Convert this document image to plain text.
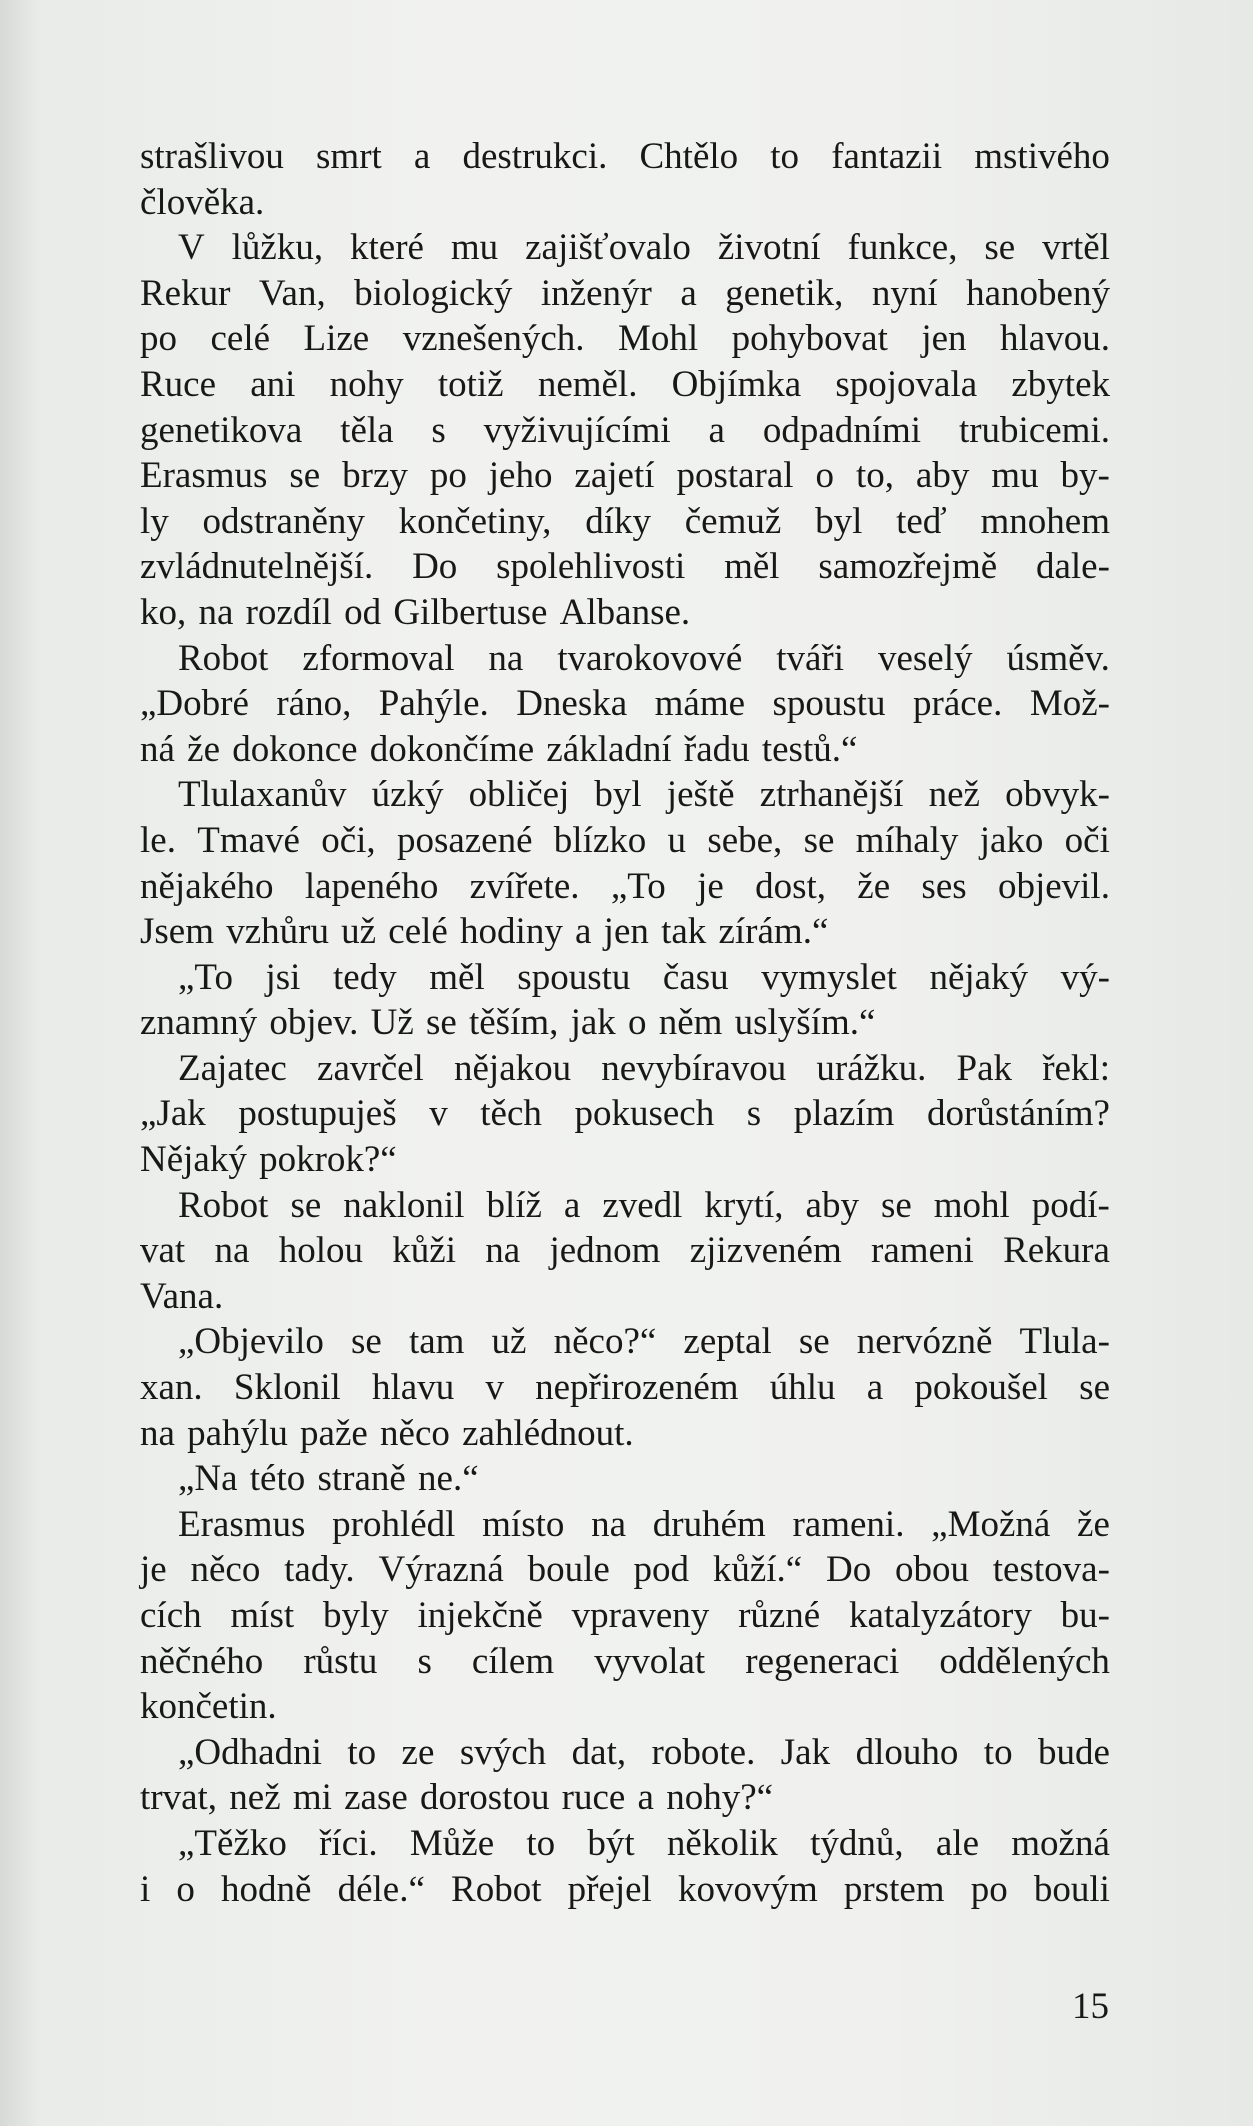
strašlivou smrt a destrukci. Chtělo to fantazii mstivého
člověka.
V lůžku, které mu zajišťovalo životní funkce, se vrtěl
Rekur Van, biologický inženýr a genetik, nyní hanobený
po celé Lize vznešených. Mohl pohybovat jen hlavou.
Ruce ani nohy totiž neměl. Objímka spojovala zbytek
genetikova těla s vyživujícími a odpadními trubicemi.
Erasmus se brzy po jeho zajetí postaral o to, aby mu by-
ly odstraněny končetiny, díky čemuž byl teď mnohem
zvládnutelnější. Do spolehlivosti měl samozřejmě dale-
ko, na rozdíl od Gilbertuse Albanse.
Robot zformoval na tvarokovové tváři veselý úsměv.
„Dobré ráno, Pahýle. Dneska máme spoustu práce. Mož-
ná že dokonce dokončíme základní řadu testů.“
Tlulaxanův úzký obličej byl ještě ztrhanější než obvyk-
le. Tmavé oči, posazené blízko u sebe, se míhaly jako oči
nějakého lapeného zvířete. „To je dost, že ses objevil.
Jsem vzhůru už celé hodiny a jen tak zírám.“
„To jsi tedy měl spoustu času vymyslet nějaký vý-
znamný objev. Už se těším, jak o něm uslyším.“
Zajatec zavrčel nějakou nevybíravou urážku. Pak řekl:
„Jak postupuješ v těch pokusech s plazím dorůstáním?
Nějaký pokrok?“
Robot se naklonil blíž a zvedl krytí, aby se mohl podí-
vat na holou kůži na jednom zjizveném rameni Rekura
Vana.
„Objevilo se tam už něco?“ zeptal se nervózně Tlula-
xan. Sklonil hlavu v nepřirozeném úhlu a pokoušel se
na pahýlu paže něco zahlédnout.
„Na této straně ne.“
Erasmus prohlédl místo na druhém rameni. „Možná že
je něco tady. Výrazná boule pod kůží.“ Do obou testova-
cích míst byly injekčně vpraveny různé katalyzátory bu-
něčného růstu s cílem vyvolat regeneraci oddělených
končetin.
„Odhadni to ze svých dat, robote. Jak dlouho to bude
trvat, než mi zase dorostou ruce a nohy?“
„Těžko říci. Může to být několik týdnů, ale možná
i o hodně déle.“ Robot přejel kovovým prstem po bouli
15
